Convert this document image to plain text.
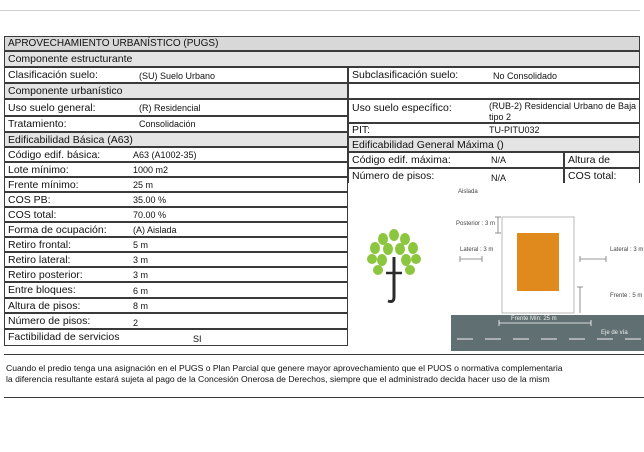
APROVECHAMIENTO URBANÍSTICO (PUGS)
Componente estructurante
Clasificación suelo:	(SU) Suelo Urbano	Subclasificación suelo:	No Consolidado
Componente urbanístico
Uso suelo general:	(R) Residencial	Uso suelo específico:	(RUB-2) Residencial Urbano de Baja
tipo 2
Tratamiento:	Consolidación	PIT:	TU-PITU032
Edificabilidad Básica (A63)	Edificabilidad General Máxima ()
Código edif. básica:	A63 (A1002-35)
Lote mínimo:	1000 m2
Frente mínimo:	25 m
COS PB:	35.00 %
COS total:	70.00 %
Forma de ocupación:	(A) Aislada
Retiro frontal:	5 m
Retiro lateral:	3 m
Retiro posterior:	3 m
Entre bloques:	6 m
Altura de pisos:	8 m
Número de pisos:	2
Factibilidad de servicios	SI
Código edif. máxima:	N/A	Altura de
Número de pisos:	N/A	COS total:
Aislada
Posterior : 3 m
Lateral : 3 m	Lateral : 3 m
Frente : 5 m
Frente Mín: 25 m
Eje de vía
Cuando el predio tenga una asignación en el PUGS o Plan Parcial que genere mayor aprovechamiento que el PUOS o normativa complementaria
la diferencia resultante estará sujeta al pago de la Concesión Onerosa de Derechos, siempre que el administrado decida hacer uso de la mism
